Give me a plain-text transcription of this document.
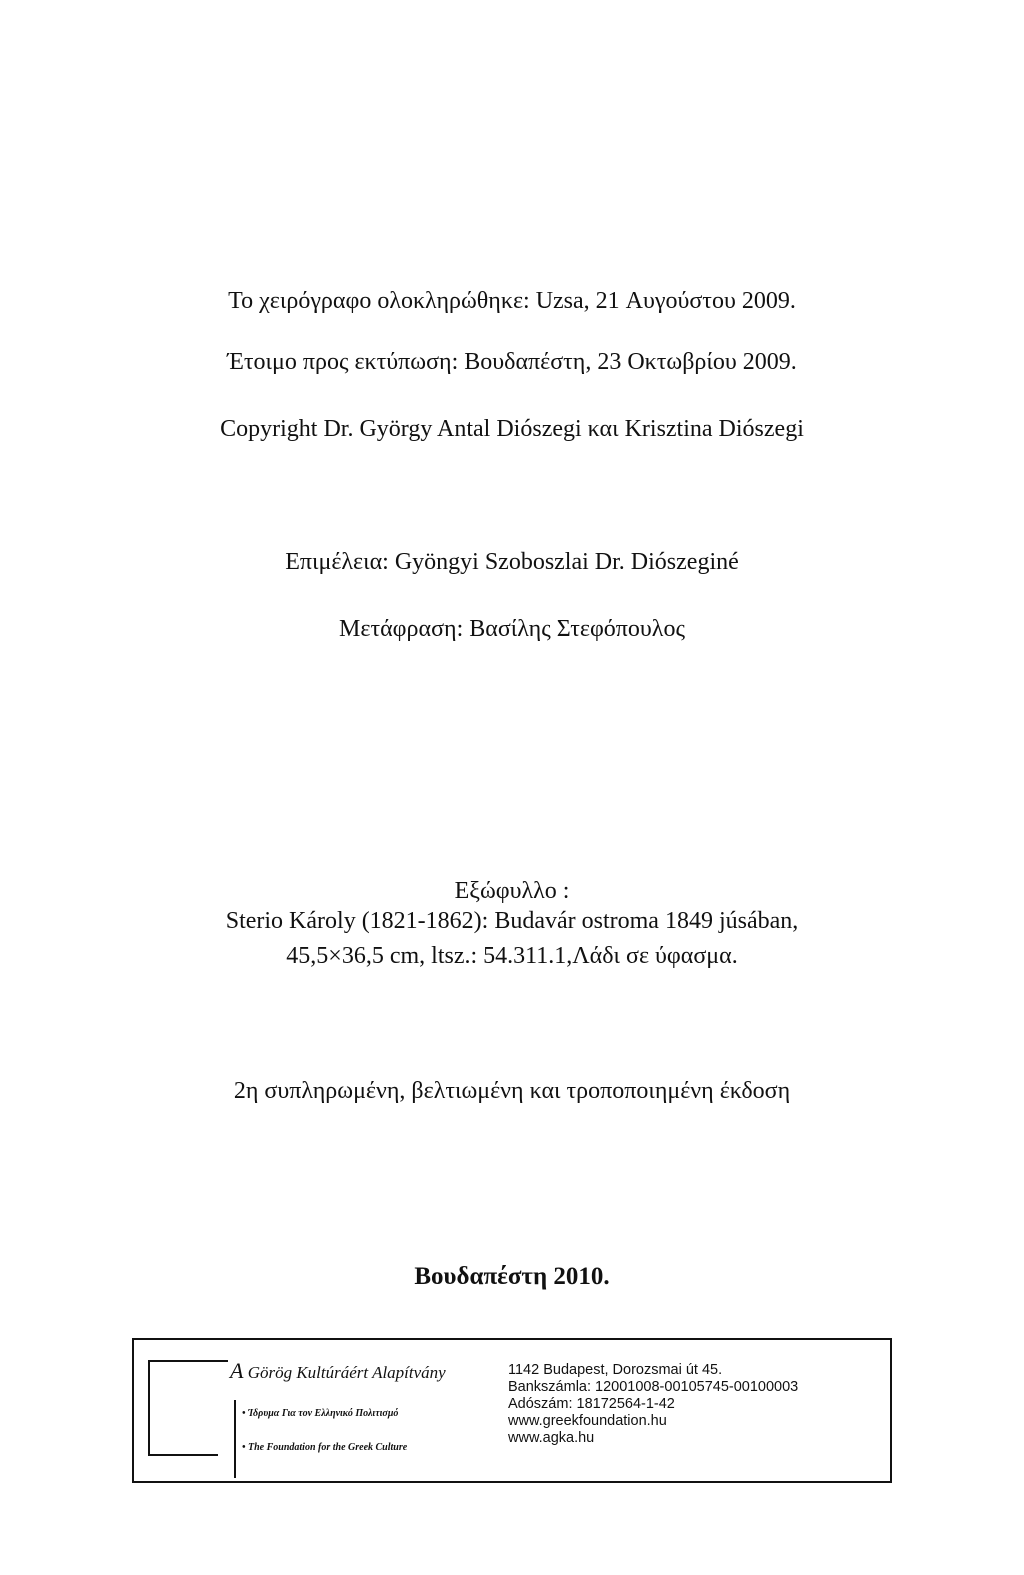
Το χειρόγραφο ολοκληρώθηκε: Uzsa, 21 Αυγούστου 2009.
Έτοιμο προς εκτύπωση: Βουδαπέστη, 23 Οκτωβρίου 2009.
Copyright Dr. György Antal Diószegi και Krisztina Diószegi
Επιμέλεια: Gyöngyi Szoboszlai Dr. Diószeginé
Μετάφραση: Βασίλης Στεφόπουλος
Εξώφυλλο :
Sterio Károly (1821-1862): Budavár ostroma 1849 júsában,
45,5×36,5 cm, ltsz.: 54.311.1,Λάδι σε ύφασμα.
2η συπληρωμένη, βελτιωμένη και τροποποιημένη έκδοση
Βουδαπέστη 2010.
A Görög Kultúráért Alapítvány
• Ίδρυμα Για τον Ελληνικό Πολιτισμό
• The Foundation for the Greek Culture
1142 Budapest, Dorozsmai út 45.
Bankszámla: 12001008-00105745-00100003
Adószám: 18172564-1-42
www.greekfoundation.hu
www.agka.hu
